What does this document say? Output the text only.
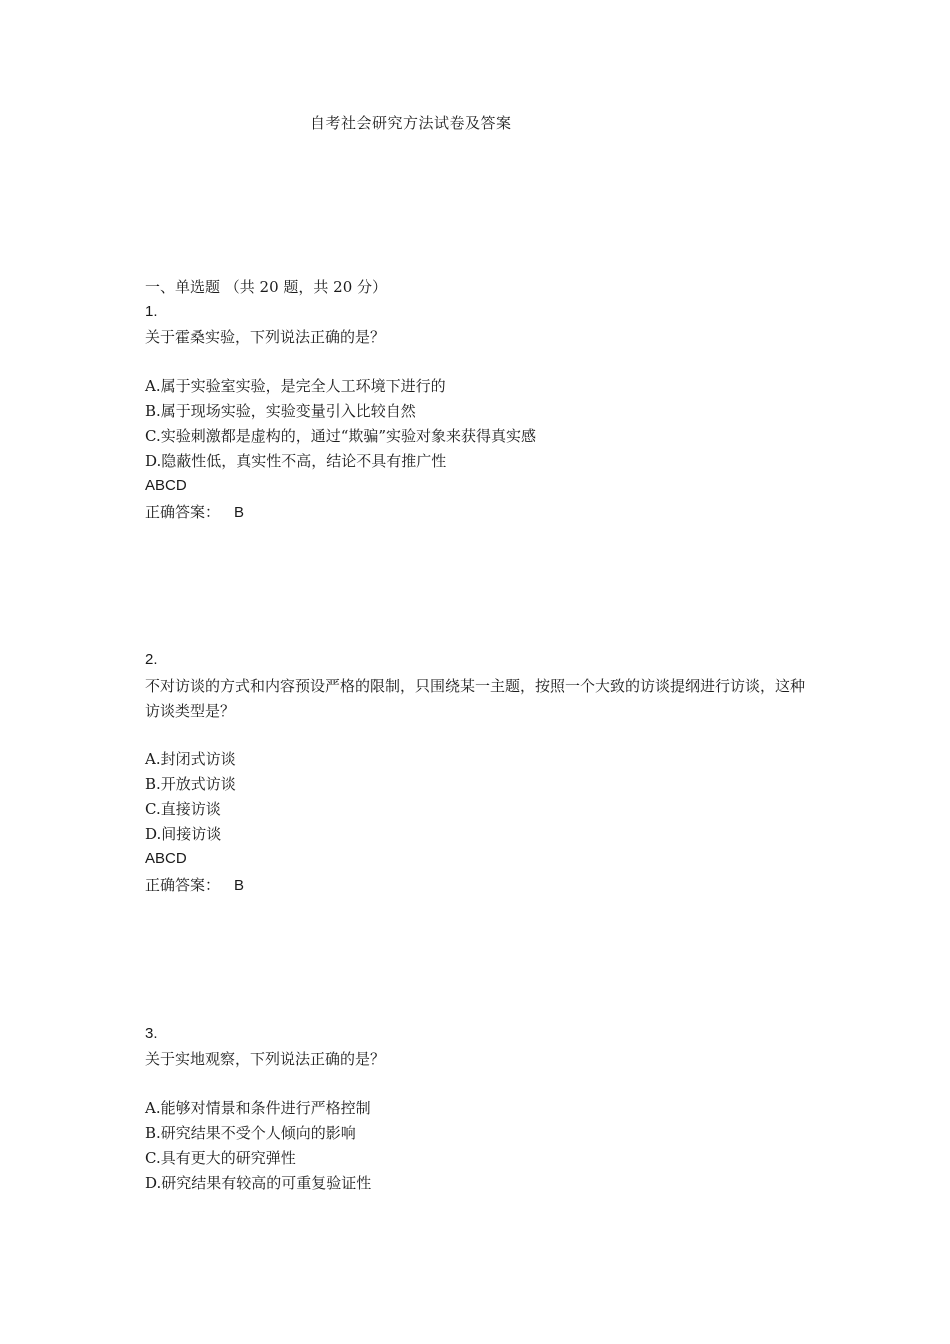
自考社会研究方法试卷及答案
一、单选题 （共 20 题，共 20 分）
1.
关于霍桑实验，下列说法正确的是？
A.属于实验室实验，是完全人工环境下进行的
B.属于现场实验，实验变量引入比较自然
C.实验刺激都是虚构的，通过“欺骗”实验对象来获得真实感
D.隐蔽性低，真实性不高，结论不具有推广性
ABCD
正确答案： B
2.
不对访谈的方式和内容预设严格的限制，只围绕某一主题，按照一个大致的访谈提纲进行访谈，这种访谈类型是？
A.封闭式访谈
B.开放式访谈
C.直接访谈
D.间接访谈
ABCD
正确答案： B
3.
关于实地观察，下列说法正确的是？
A.能够对情景和条件进行严格控制
B.研究结果不受个人倾向的影响
C.具有更大的研究弹性
D.研究结果有较高的可重复验证性
